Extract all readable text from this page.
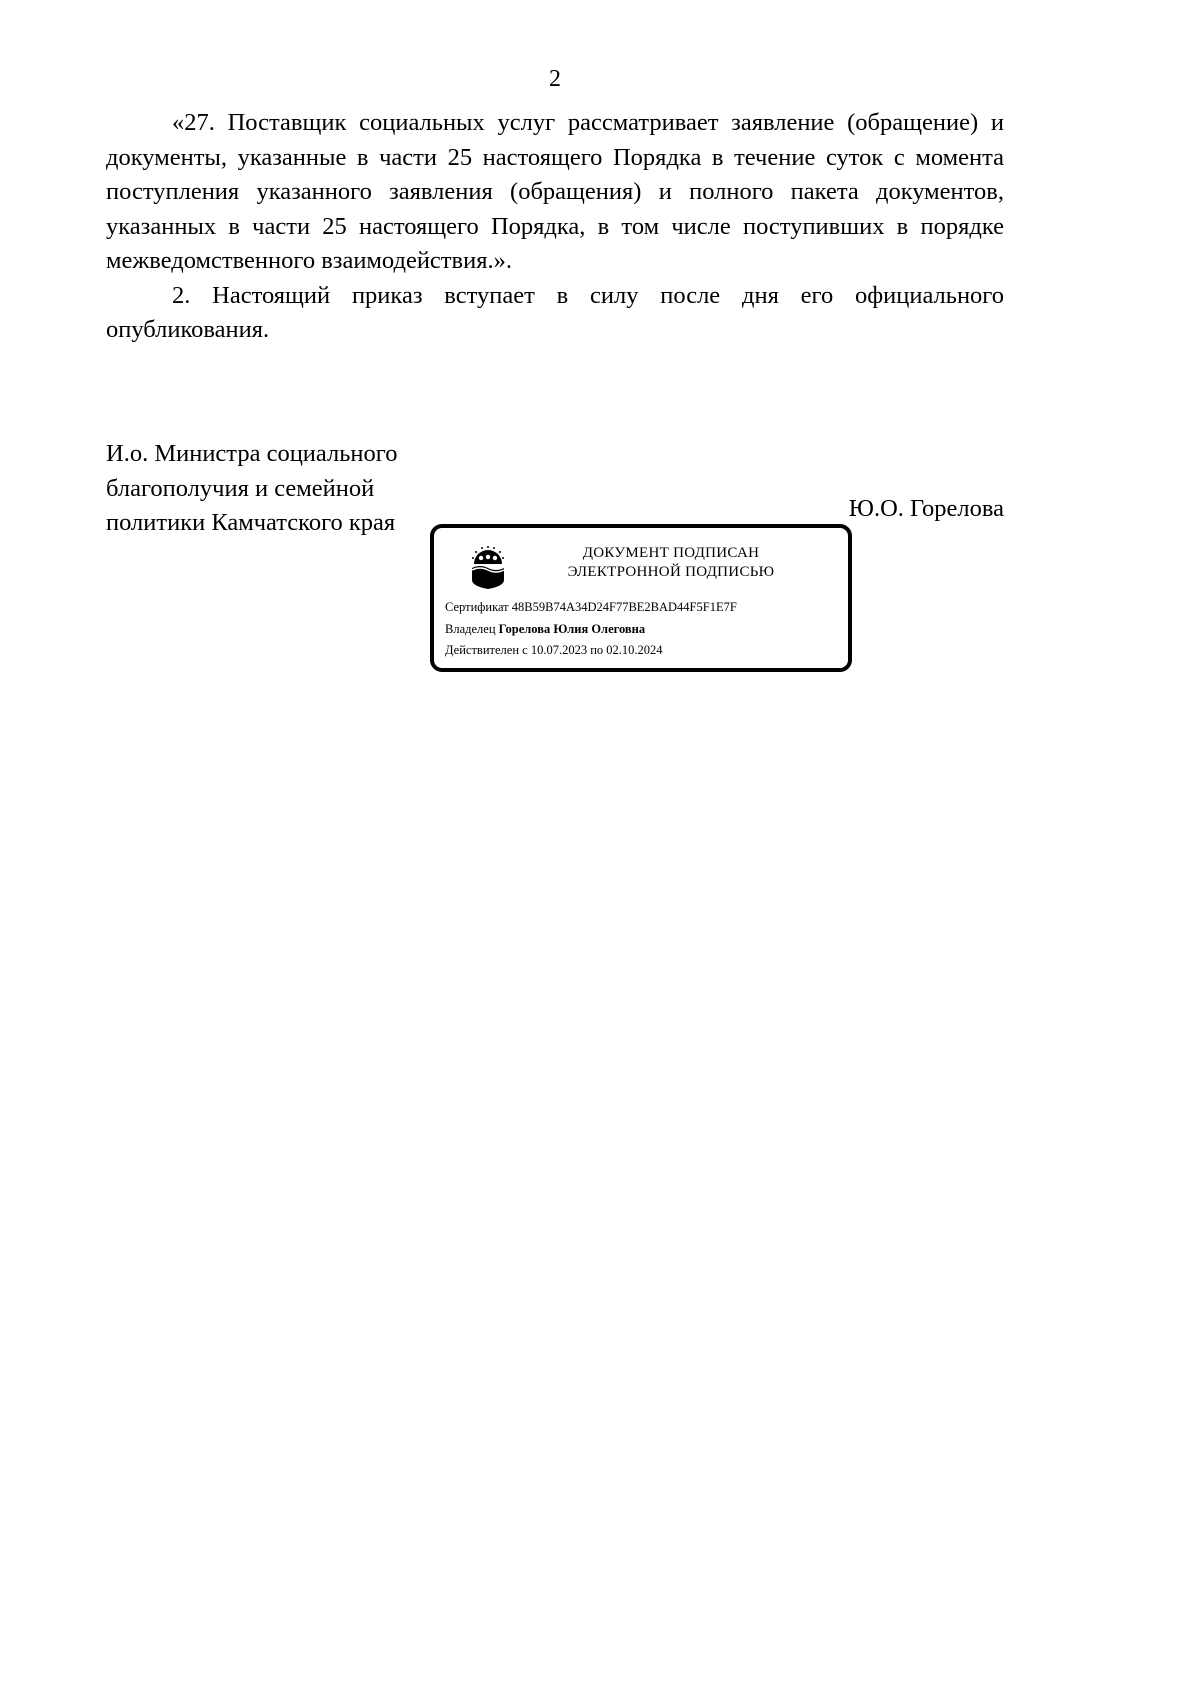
2

«27. Поставщик социальных услуг рассматривает заявление (обращение) и документы, указанные в части 25 настоящего Порядка в течение суток с момента поступления указанного заявления (обращения) и полного пакета документов, указанных в части 25 настоящего Порядка, в том числе поступивших в порядке межведомственного взаимодействия.».

2. Настоящий приказ вступает в силу после дня его официального опубликования.

И.о. Министра социального
благополучия и семейной
политики Камчатского края
Ю.О. Горелова
ДОКУМЕНТ ПОДПИСАН
ЭЛЕКТРОННОЙ ПОДПИСЬЮ
Сертификат 48B59B74A34D24F77BE2BAD44F5F1E7F
Владелец Горелова Юлия Олеговна
Действителен с 10.07.2023 по 02.10.2024
